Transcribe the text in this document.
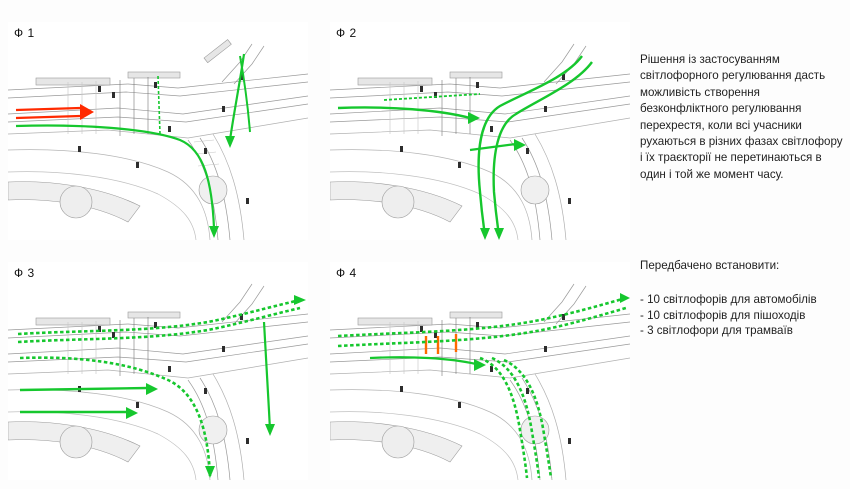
Ф 1	Ф 2
Ф 3	Ф 4
Рішення із застосуванням світлофорного регулювання дасть можливість створення безконфліктного регулювання перехрестя, коли всі учасники рухаються в різних фазах світлофору і їх траєкторії не перетинаються в один і той же момент часу.
Передбачено встановити:
- 10 світлофорів для автомобілів
- 10 світлофорів для пішоходів
- 3 світлофори для трамваїв
